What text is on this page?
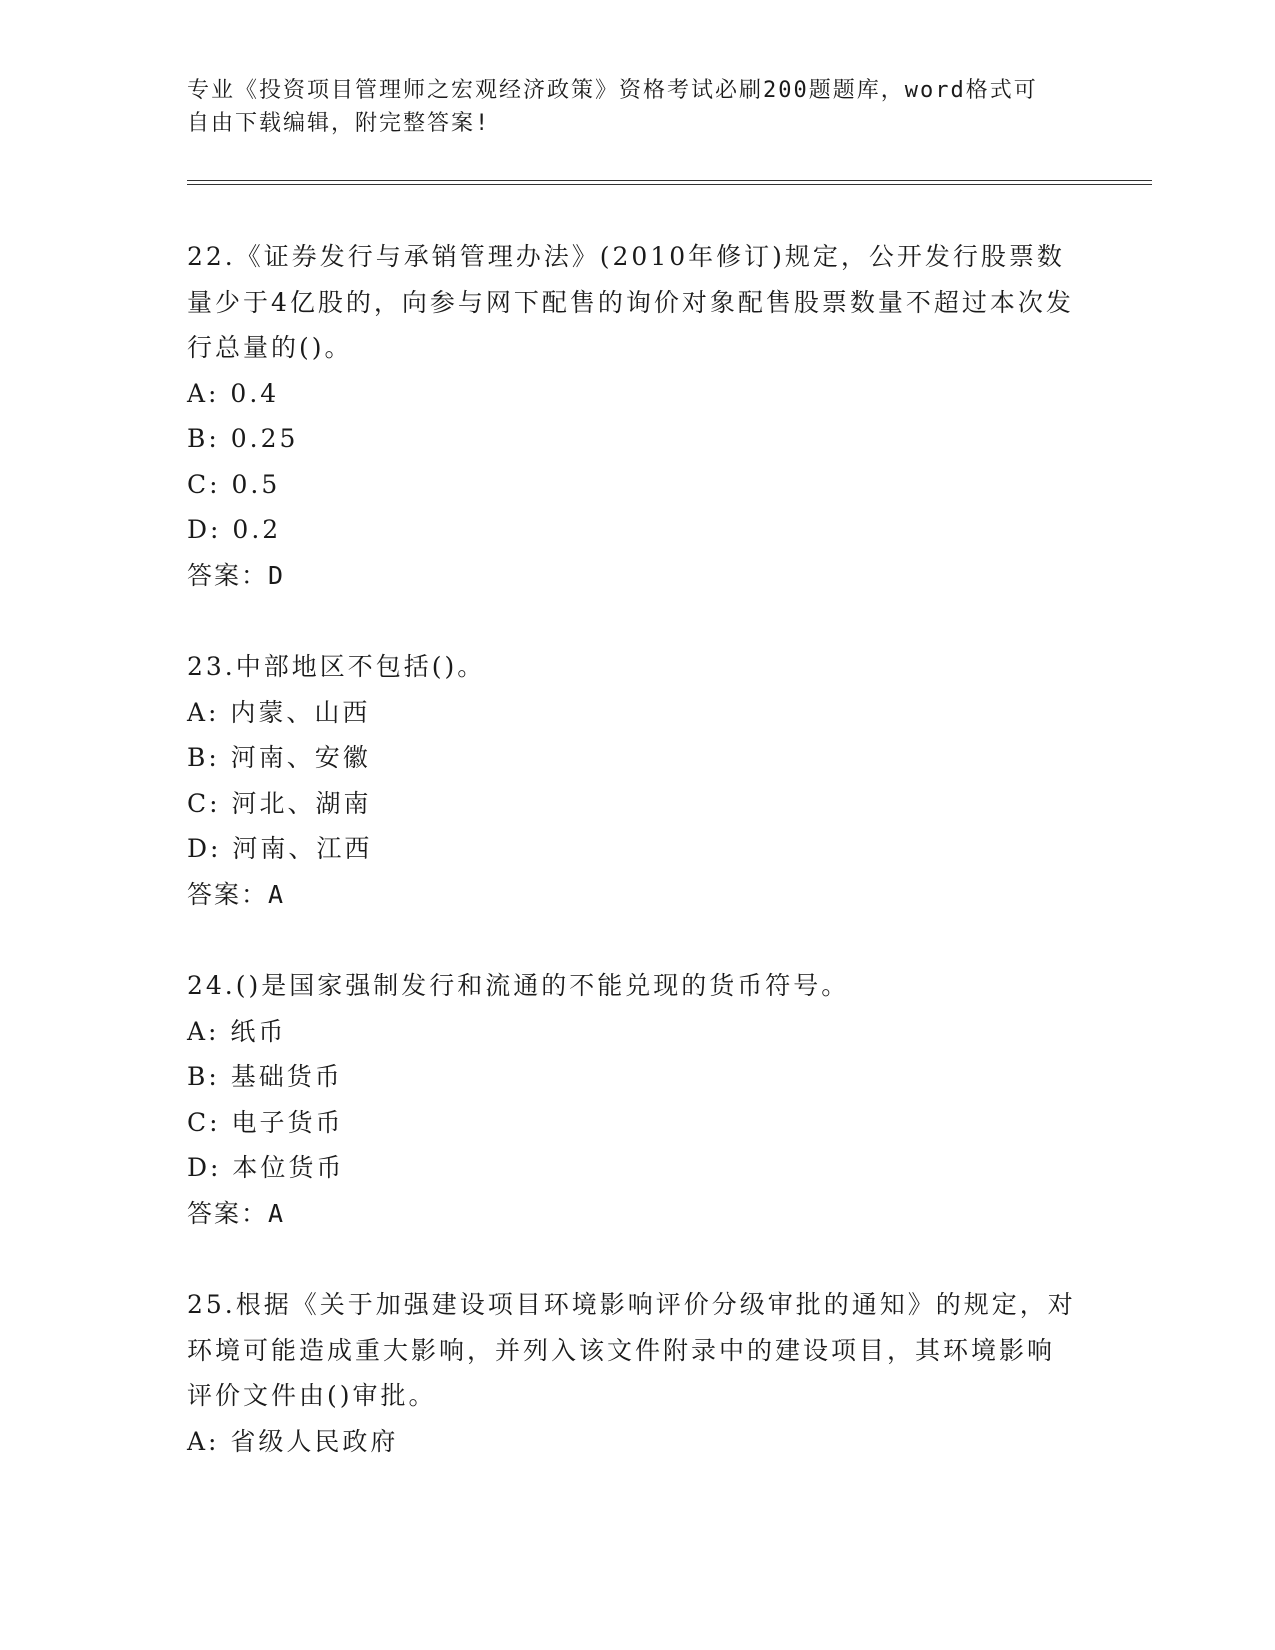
专业《投资项目管理师之宏观经济政策》资格考试必刷200题题库，word格式可
自由下载编辑，附完整答案!
22.《证券发行与承销管理办法》(2010年修订)规定，公开发行股票数量少于4亿股的，向参与网下配售的询价对象配售股票数量不超过本次发行总量的()。
A: 0.4
B: 0.25
C: 0.5
D: 0.2
答案：D
23.中部地区不包括()。
A: 内蒙、山西
B: 河南、安徽
C: 河北、湖南
D: 河南、江西
答案：A
24.()是国家强制发行和流通的不能兑现的货币符号。
A: 纸币
B: 基础货币
C: 电子货币
D: 本位货币
答案：A
25.根据《关于加强建设项目环境影响评价分级审批的通知》的规定，对环境可能造成重大影响，并列入该文件附录中的建设项目，其环境影响评价文件由()审批。
A: 省级人民政府
